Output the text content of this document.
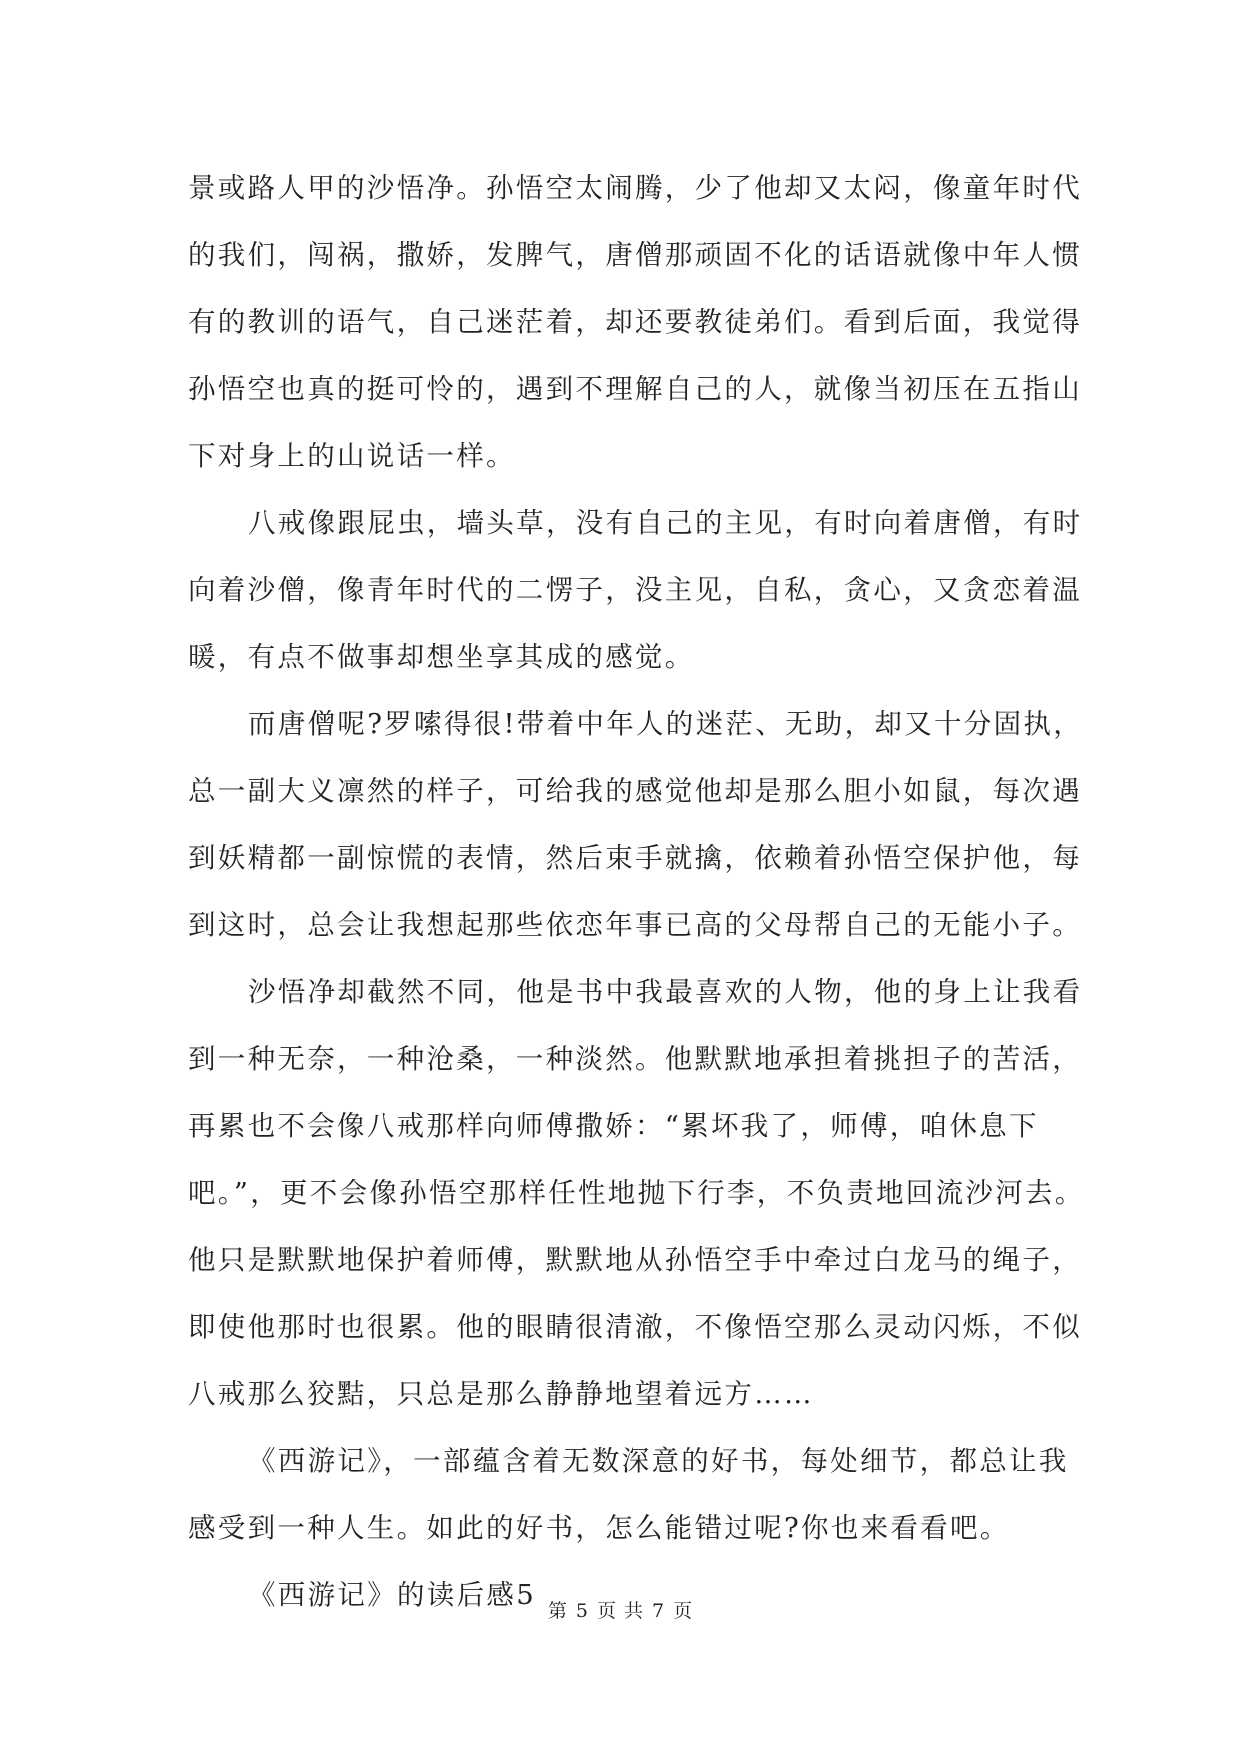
景或路人甲的沙悟净。孙悟空太闹腾，少了他却又太闷，像童年时代
的我们，闯祸，撒娇，发脾气，唐僧那顽固不化的话语就像中年人惯
有的教训的语气，自己迷茫着，却还要教徒弟们。看到后面，我觉得
孙悟空也真的挺可怜的，遇到不理解自己的人，就像当初压在五指山
下对身上的山说话一样。

八戒像跟屁虫，墙头草，没有自己的主见，有时向着唐僧，有时
向着沙僧，像青年时代的二愣子，没主见，自私，贪心，又贪恋着温
暖，有点不做事却想坐享其成的感觉。

而唐僧呢?罗嗦得很!带着中年人的迷茫、无助，却又十分固执，
总一副大义凛然的样子，可给我的感觉他却是那么胆小如鼠，每次遇
到妖精都一副惊慌的表情，然后束手就擒，依赖着孙悟空保护他，每
到这时，总会让我想起那些依恋年事已高的父母帮自己的无能小子。

沙悟净却截然不同，他是书中我最喜欢的人物，他的身上让我看
到一种无奈，一种沧桑，一种淡然。他默默地承担着挑担子的苦活，
再累也不会像八戒那样向师傅撒娇：“累坏我了，师傅，咱休息下
吧。”，更不会像孙悟空那样任性地抛下行李，不负责地回流沙河去。
他只是默默地保护着师傅，默默地从孙悟空手中牵过白龙马的绳子，
即使他那时也很累。他的眼睛很清澈，不像悟空那么灵动闪烁，不似
八戒那么狡黠，只总是那么静静地望着远方……

《西游记》，一部蕴含着无数深意的好书，每处细节，都总让我
感受到一种人生。如此的好书，怎么能错过呢?你也来看看吧。

《西游记》的读后感5 第 5 页 共 7 页
